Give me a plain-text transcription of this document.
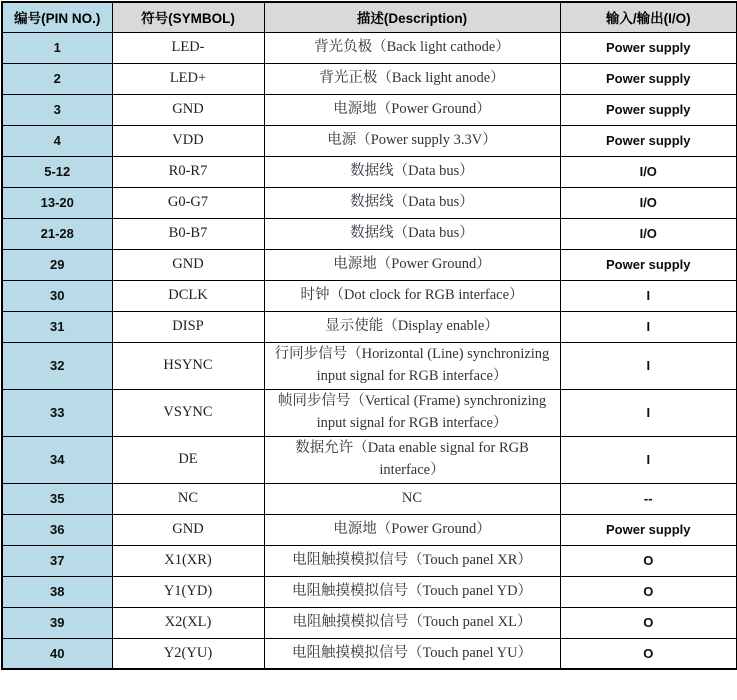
编号(PIN NO.)	符号(SYMBOL)	描述(Description)	输入/输出(I/O)
1	LED-	背光负极（Back light cathode）	Power supply
2	LED+	背光正极（Back light anode）	Power supply
3	GND	电源地（Power Ground）	Power supply
4	VDD	电源（Power supply 3.3V）	Power supply
5-12	R0-R7	数据线（Data bus）	I/O
13-20	G0-G7	数据线（Data bus）	I/O
21-28	B0-B7	数据线（Data bus）	I/O
29	GND	电源地（Power Ground）	Power supply
30	DCLK	时钟（Dot clock for RGB interface）	I
31	DISP	显示使能（Display enable）	I
32	HSYNC	行同步信号（Horizontal (Line) synchronizing input signal for RGB interface）	I
33	VSYNC	帧同步信号（Vertical (Frame) synchronizing input signal for RGB interface）	I
34	DE	数据允许（Data enable signal for RGB interface）	I
35	NC	NC	--
36	GND	电源地（Power Ground）	Power supply
37	X1(XR)	电阻触摸模拟信号（Touch panel XR）	O
38	Y1(YD)	电阻触摸模拟信号（Touch panel YD）	O
39	X2(XL)	电阻触摸模拟信号（Touch panel XL）	O
40	Y2(YU)	电阻触摸模拟信号（Touch panel YU）	O
